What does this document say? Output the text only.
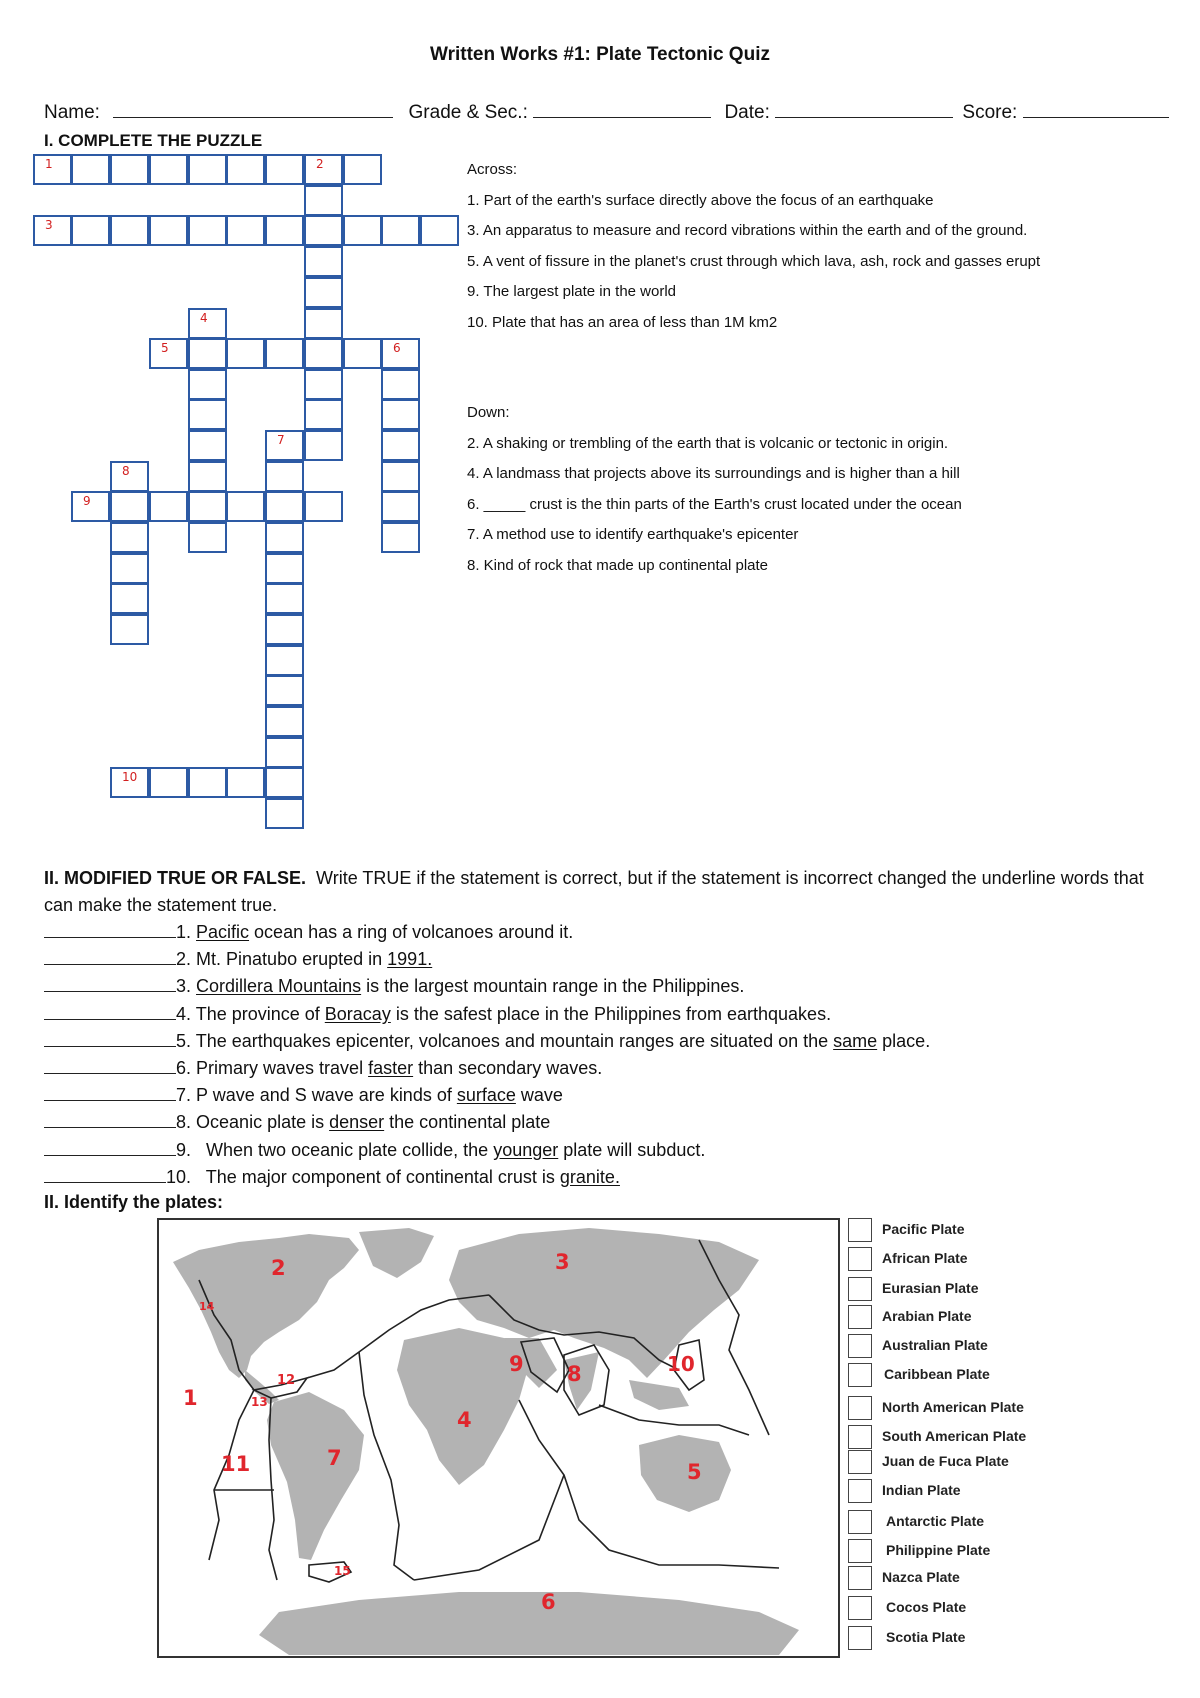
Written Works #1: Plate Tectonic Quiz
Name:	Grade & Sec.:	Date:	Score:
I. COMPLETE THE PUZZLE
1	2
3
4
5	6
7
8
9
10

Across:

1. Part of the earth's surface directly above the focus of an earthquake

3. An apparatus to measure and record vibrations within the earth and of the ground.

5. A vent of fissure in the planet's crust through which lava, ash, rock and gasses erupt

9. The largest plate in the world

10. Plate that has an area of less than 1M km2

Down:

2. A shaking or trembling of the earth that is volcanic or tectonic in origin.

4. A landmass that projects above its surroundings and is higher than a hill

6. _____ crust is the thin parts of the Earth's crust located under the ocean

7. A method use to identify earthquake's epicenter

8. Kind of rock that made up continental plate

II. MODIFIED TRUE OR FALSE. Write TRUE if the statement is correct, but if the statement is incorrect changed the underline words that can make the statement true.
1. Pacific ocean has a ring of volcanoes around it.
2. Mt. Pinatubo erupted in 1991.
3. Cordillera Mountains is the largest mountain range in the Philippines.
4. The province of Boracay is the safest place in the Philippines from earthquakes.
5. The earthquakes epicenter, volcanoes and mountain ranges are situated on the same place.
6. Primary waves travel faster than secondary waves.
7. P wave and S wave are kinds of surface wave
8. Oceanic plate is denser the continental plate
9.   When two oceanic plate collide, the younger plate will subduct.
10.   The major component of continental crust is granite.
II. Identify the plates:
1
2	3
4
5
6
7
8
9	10
11
12
13
14
15
Pacific Plate
African Plate
Eurasian Plate
Arabian Plate
Australian Plate
Caribbean Plate
North American Plate
South American Plate
Juan de Fuca Plate
Indian Plate
Antarctic Plate
Philippine Plate
Nazca Plate
Cocos Plate
Scotia Plate
